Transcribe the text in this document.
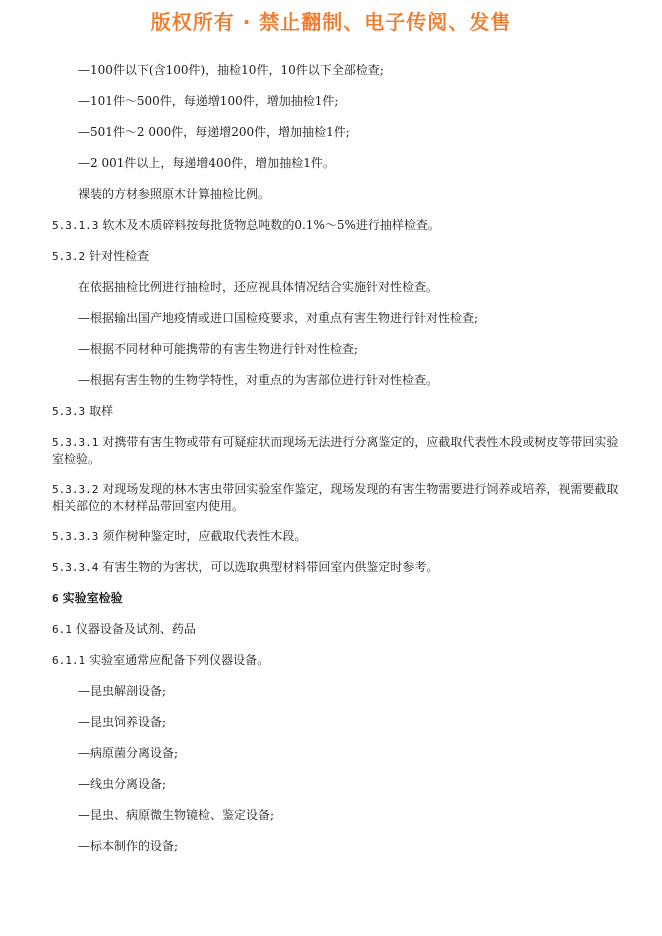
版权所有 · 禁止翻制、电子传阅、发售
—100件以下(含100件)，抽检10件，10件以下全部检查;
—101件～500件，每递增100件，增加抽检1件;
—501件～2 000件，每递增200件，增加抽检1件;
—2 001件以上，每递增400件，增加抽检1件。
裸装的方材参照原木计算抽检比例。
5.3.1.3 软木及木质碎料按每批货物总吨数的0.1%～5%进行抽样检查。
5.3.2 针对性检查
在依据抽检比例进行抽检时，还应视具体情况结合实施针对性检查。
—根据输出国产地疫情或进口国检疫要求，对重点有害生物进行针对性检查;
—根据不同材种可能携带的有害生物进行针对性检查;
—根据有害生物的生物学特性，对重点的为害部位进行针对性检查。
5.3.3 取样
5.3.3.1 对携带有害生物或带有可疑症状而现场无法进行分离鉴定的，应截取代表性木段或树皮等带回实验室检验。
5.3.3.2 对现场发现的林木害虫带回实验室作鉴定，现场发现的有害生物需要进行饲养或培养，视需要截取相关部位的木材样品带回室内使用。
5.3.3.3 须作树种鉴定时，应截取代表性木段。
5.3.3.4 有害生物的为害状，可以选取典型材料带回室内供鉴定时参考。
6 实验室检验
6.1 仪器设备及试剂、药品
6.1.1 实验室通常应配备下列仪器设备。
—昆虫解剖设备;
—昆虫饲养设备;
—病原菌分离设备;
—线虫分离设备;
—昆虫、病原微生物镜检、鉴定设备;
—标本制作的设备;
